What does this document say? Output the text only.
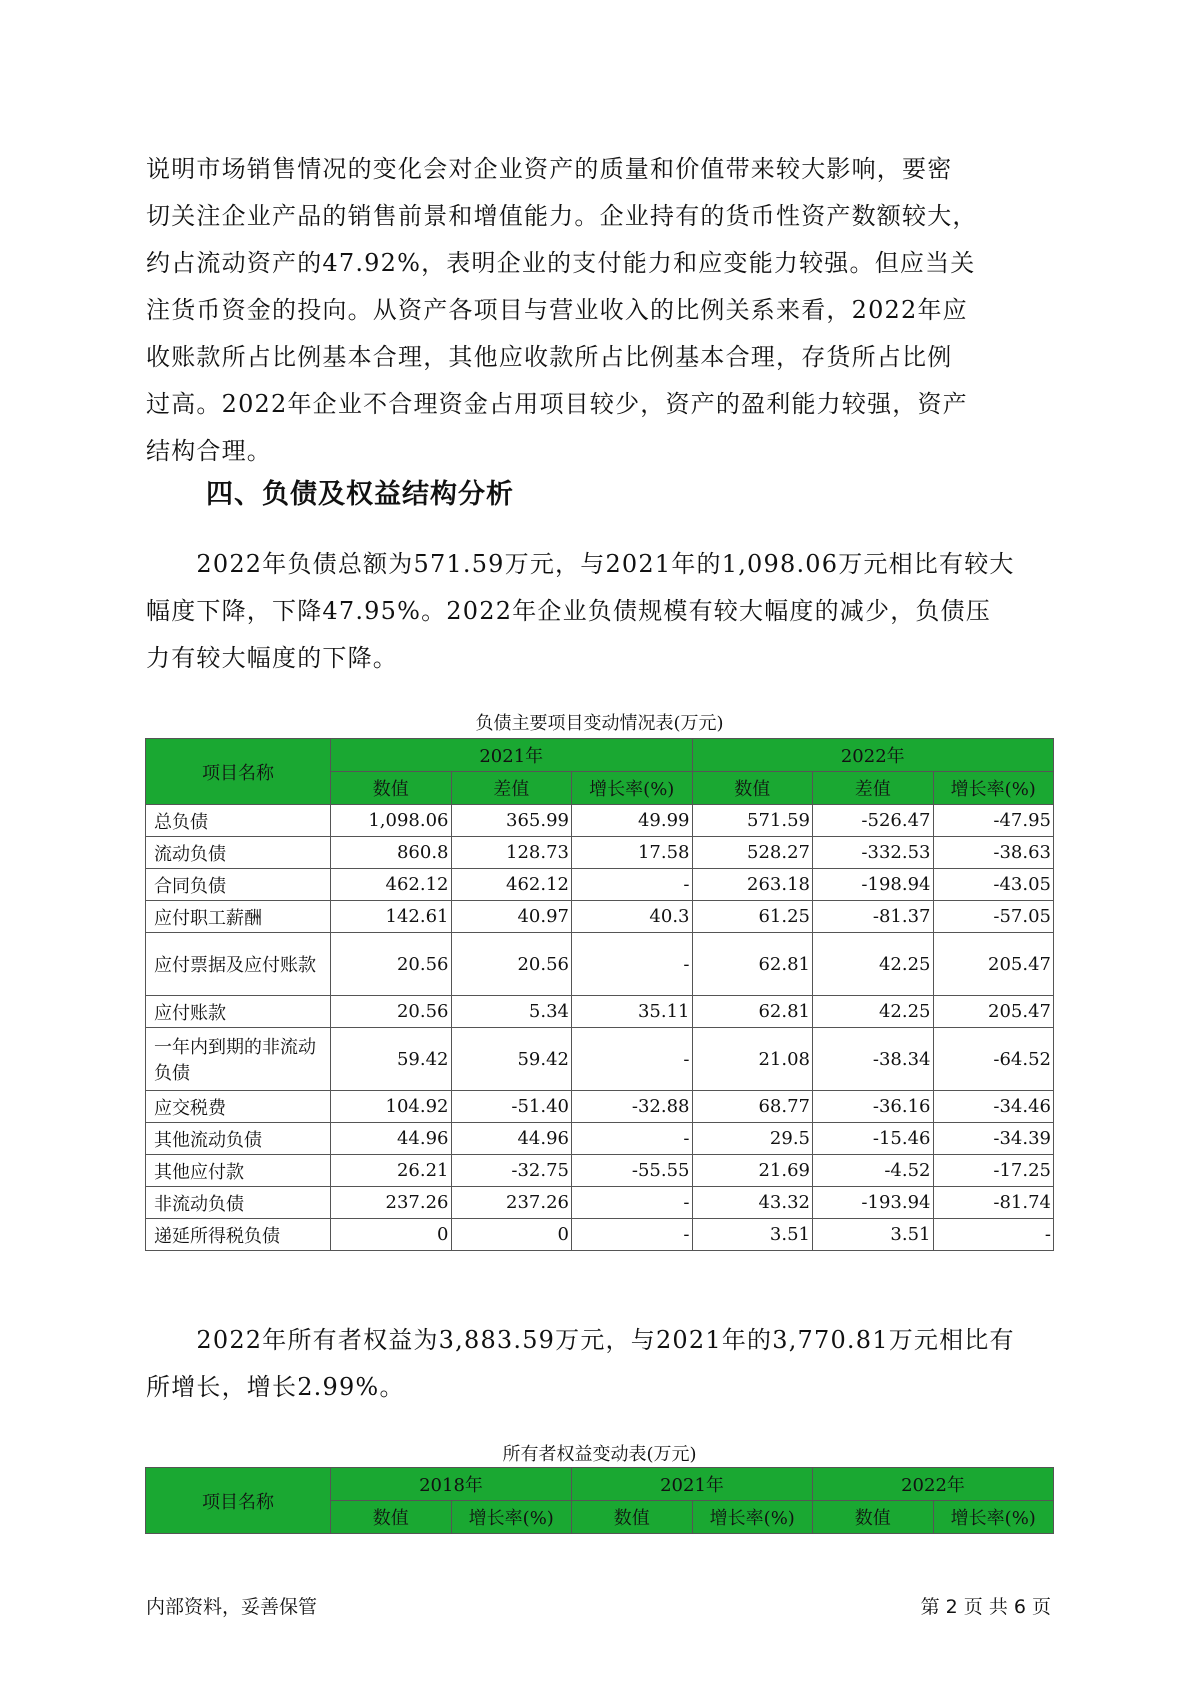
说明市场销售情况的变化会对企业资产的质量和价值带来较大影响，要密
切关注企业产品的销售前景和增值能力。企业持有的货币性资产数额较大，
约占流动资产的47.92%，表明企业的支付能力和应变能力较强。但应当关
注货币资金的投向。从资产各项目与营业收入的比例关系来看，2022年应
收账款所占比例基本合理，其他应收款所占比例基本合理，存货所占比例
过高。2022年企业不合理资金占用项目较少，资产的盈利能力较强，资产
结构合理。
四、负债及权益结构分析
　　2022年负债总额为571.59万元，与2021年的1,098.06万元相比有较大
幅度下降，下降47.95%。2022年企业负债规模有较大幅度的减少，负债压
力有较大幅度的下降。

负债主要项目变动情况表(万元)

项目名称	2021年			2022年		
	数值	差值	增长率(%)	数值	差值	增长率(%)
总负债	1,098.06	365.99	49.99	571.59	-526.47	-47.95
流动负债	860.8	128.73	17.58	528.27	-332.53	-38.63
合同负债	462.12	462.12	-	263.18	-198.94	-43.05
应付职工薪酬	142.61	40.97	40.3	61.25	-81.37	-57.05
应付票据及应付账款	20.56	20.56	-	62.81	42.25	205.47
应付账款	20.56	5.34	35.11	62.81	42.25	205.47
一年内到期的非流动负债	59.42	59.42	-	21.08	-38.34	-64.52
应交税费	104.92	-51.40	-32.88	68.77	-36.16	-34.46
其他流动负债	44.96	44.96	-	29.5	-15.46	-34.39
其他应付款	26.21	-32.75	-55.55	21.69	-4.52	-17.25
非流动负债	237.26	237.26	-	43.32	-193.94	-81.74
递延所得税负债	0	0	-	3.51	3.51	-
　　2022年所有者权益为3,883.59万元，与2021年的3,770.81万元相比有
所增长，增长2.99%。

所有者权益变动表(万元)

项目名称	2018年		2021年		2022年	
	数值	增长率(%)	数值	增长率(%)	数值	增长率(%)
内部资料，妥善保管	第 2 页 共 6 页
